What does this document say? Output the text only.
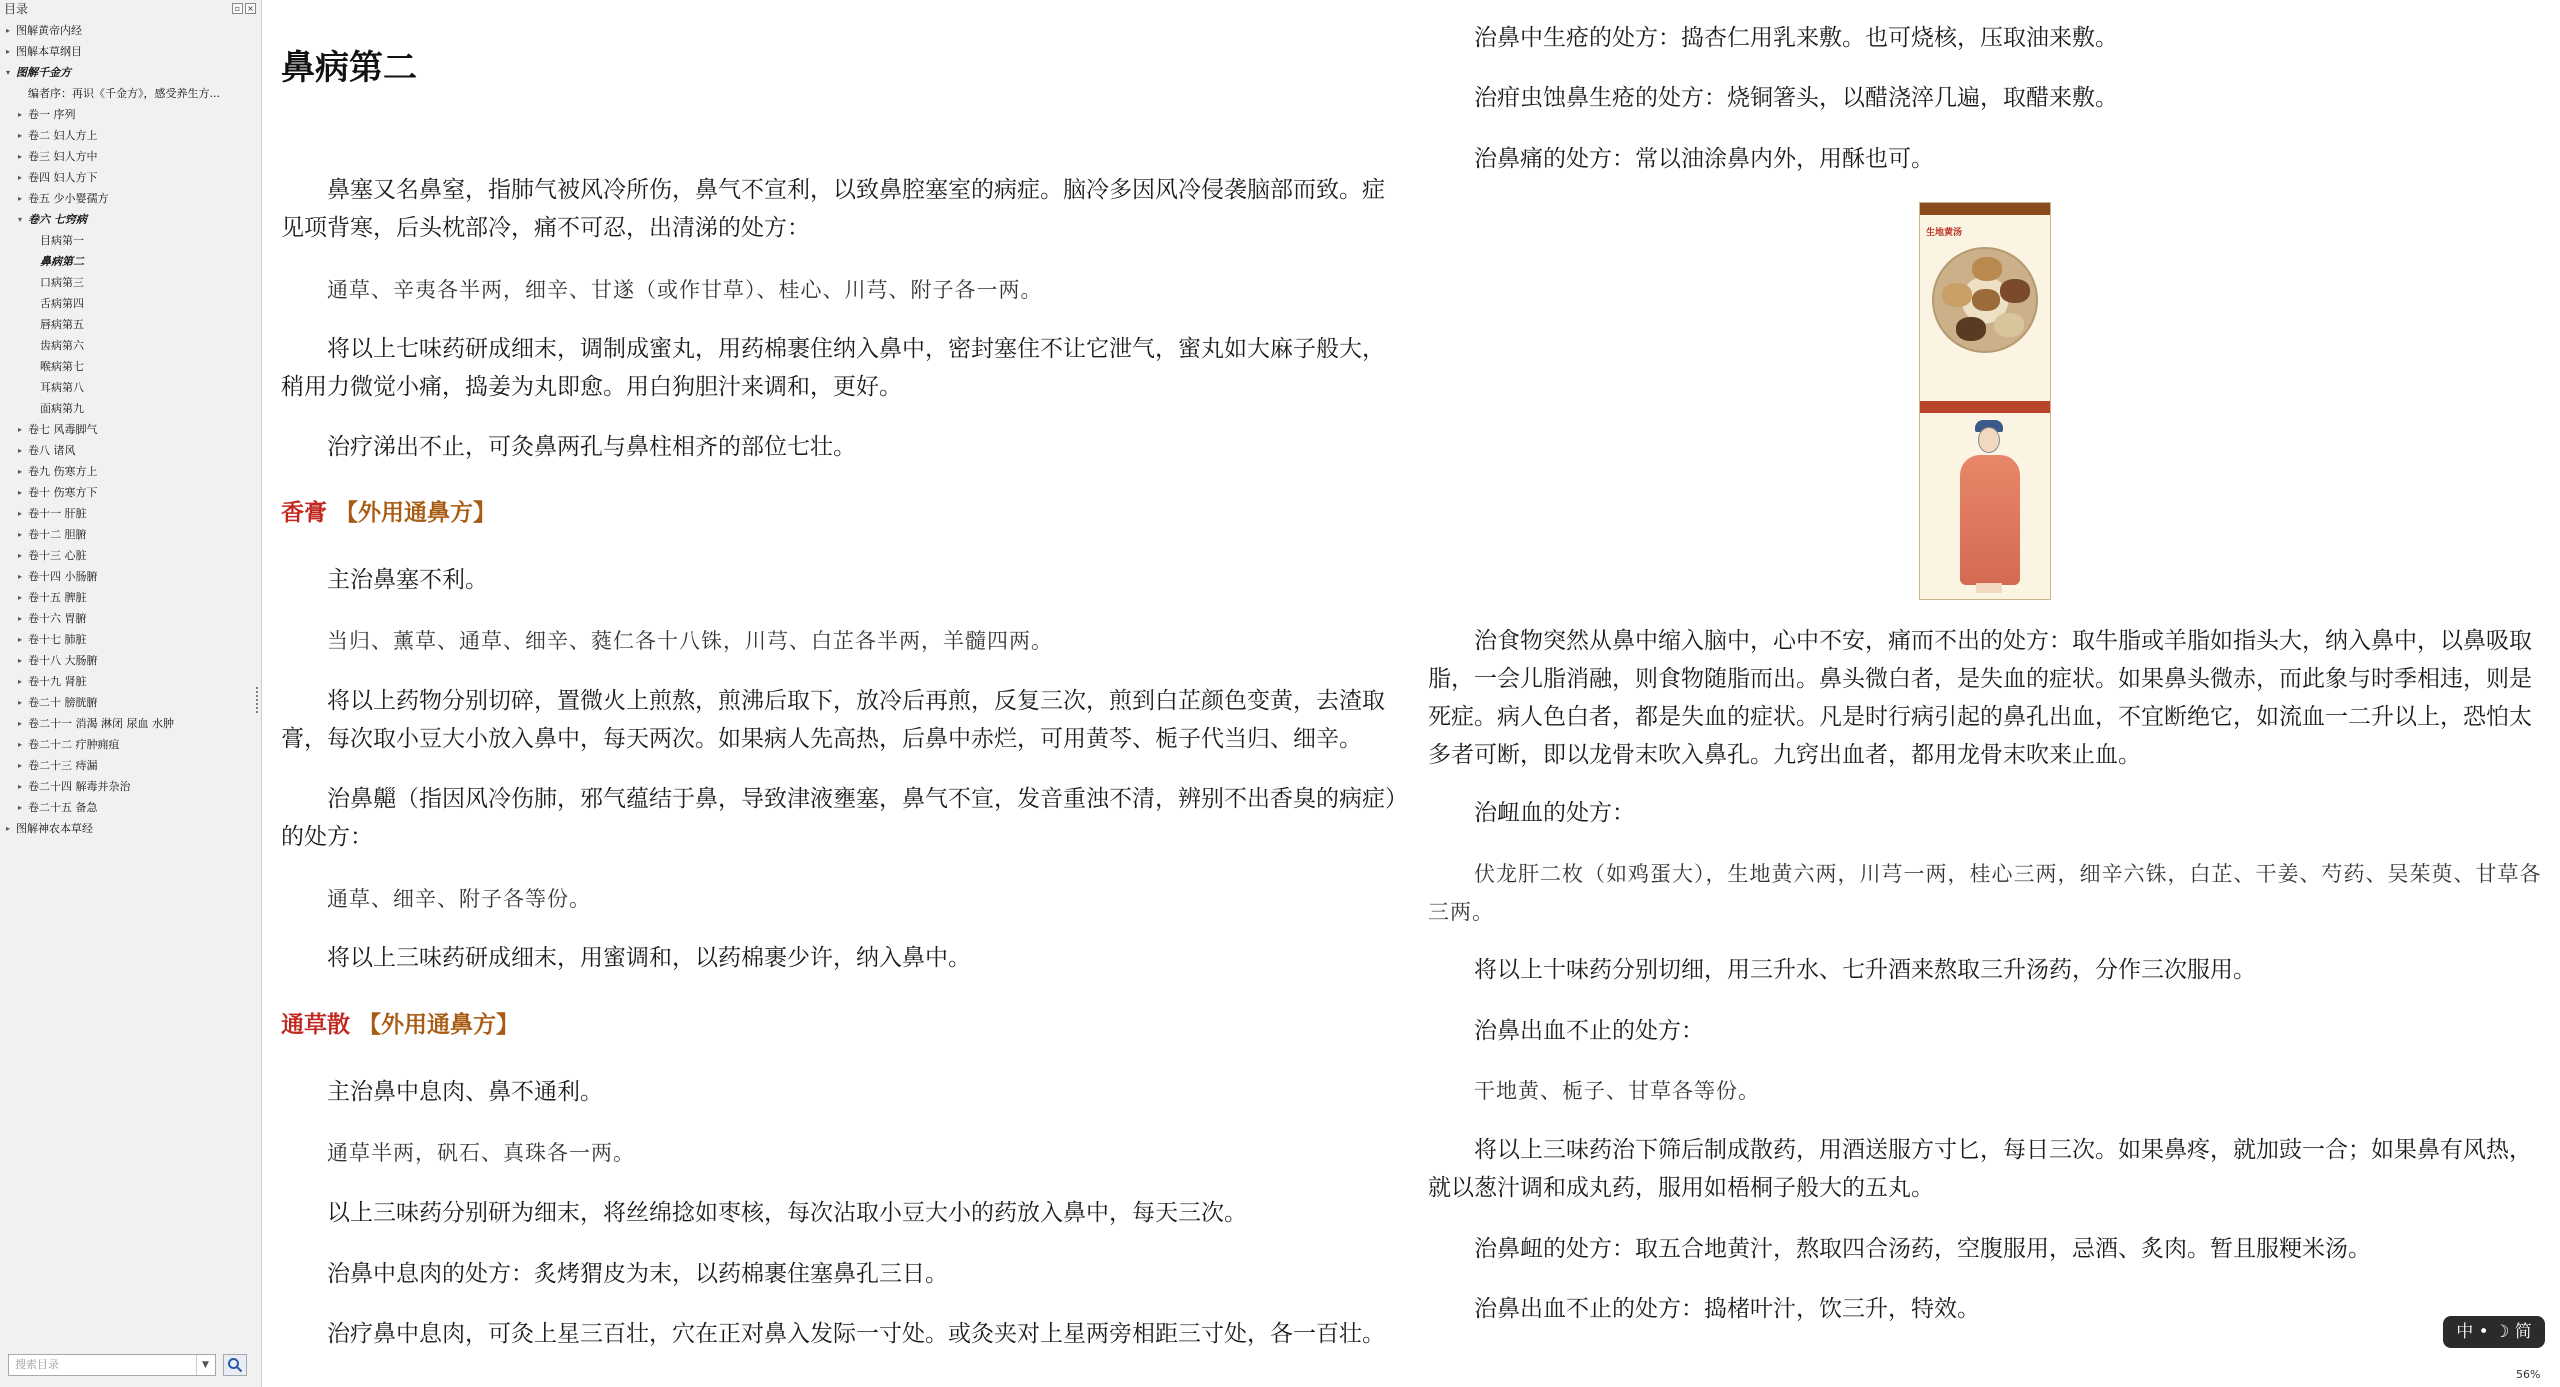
目录	▫ ×
▸ 图解黄帝内经
▸ 图解本草纲目
▾ 图解千金方
编者序：再识《千金方》，感受养生方...
▸ 卷一 序列
▸ 卷二 妇人方上
▸ 卷三 妇人方中
▸ 卷四 妇人方下
▸ 卷五 少小婴孺方
▾ 卷六 七窍病
目病第一
鼻病第二
口病第三
舌病第四
唇病第五
齿病第六
喉病第七
耳病第八
面病第九
▸ 卷七 风毒脚气
▸ 卷八 诸风
▸ 卷九 伤寒方上
▸ 卷十 伤寒方下
▸ 卷十一 肝脏
▸ 卷十二 胆腑
▸ 卷十三 心脏
▸ 卷十四 小肠腑
▸ 卷十五 脾脏
▸ 卷十六 胃腑
▸ 卷十七 肺脏
▸ 卷十八 大肠腑
▸ 卷十九 肾脏
▸ 卷二十 膀胱腑
▸ 卷二十一 消渴 淋闭 尿血 水肿
▸ 卷二十二 疔肿痈疽
▸ 卷二十三 痔漏
▸ 卷二十四 解毒并杂治
▸ 卷二十五 备急
▸ 图解神农本草经
搜索目录	▼
鼻病第二
鼻塞又名鼻窒，指肺气被风冷所伤，鼻气不宣利，以致鼻腔塞室的病症。脑冷多因风冷侵袭脑部而致。症见项背寒，后头枕部冷，痛不可忍，出清涕的处方：
通草、辛夷各半两，细辛、甘遂（或作甘草）、桂心、川芎、附子各一两。
将以上七味药研成细末，调制成蜜丸，用药棉裹住纳入鼻中，密封塞住不让它泄气，蜜丸如大麻子般大，稍用力微觉小痛，捣姜为丸即愈。用白狗胆汁来调和，更好。
治疗涕出不止，可灸鼻两孔与鼻柱相齐的部位七壮。
香膏 【外用通鼻方】
主治鼻塞不利。
当归、薰草、通草、细辛、蕤仁各十八铢，川芎、白芷各半两，羊髓四两。
将以上药物分别切碎，置微火上煎熬，煎沸后取下，放冷后再煎，反复三次，煎到白芷颜色变黄，去渣取膏，每次取小豆大小放入鼻中，每天两次。如果病人先高热，后鼻中赤烂，可用黄芩、栀子代当归、细辛。
治鼻齆（指因风冷伤肺，邪气蕴结于鼻，导致津液壅塞，鼻气不宣，发音重浊不清，辨别不出香臭的病症）的处方：
通草、细辛、附子各等份。
将以上三味药研成细末，用蜜调和，以药棉裹少许，纳入鼻中。
通草散 【外用通鼻方】
主治鼻中息肉、鼻不通利。
通草半两，矾石、真珠各一两。
以上三味药分别研为细末，将丝绵捻如枣核，每次沾取小豆大小的药放入鼻中，每天三次。
治鼻中息肉的处方：炙烤猬皮为末，以药棉裹住塞鼻孔三日。
治疗鼻中息肉，可灸上星三百壮，穴在正对鼻入发际一寸处。或灸夹对上星两旁相距三寸处，各一百壮。
治鼻中生疮的处方：捣杏仁用乳来敷。也可烧核，压取油来敷。
治疳虫蚀鼻生疮的处方：烧铜箸头，以醋浇淬几遍，取醋来敷。
治鼻痛的处方：常以油涂鼻内外，用酥也可。
治食物突然从鼻中缩入脑中，心中不安，痛而不出的处方：取牛脂或羊脂如指头大，纳入鼻中，以鼻吸取脂，一会儿脂消融，则食物随脂而出。鼻头微白者，是失血的症状。如果鼻头微赤，而此象与时季相违，则是死症。病人色白者，都是失血的症状。凡是时行病引起的鼻孔出血，不宜断绝它，如流血一二升以上，恐怕太多者可断，即以龙骨末吹入鼻孔。九窍出血者，都用龙骨末吹来止血。
治衄血的处方：
伏龙肝二枚（如鸡蛋大），生地黄六两，川芎一两，桂心三两，细辛六铢，白芷、干姜、芍药、吴茱萸、甘草各三两。
将以上十味药分别切细，用三升水、七升酒来熬取三升汤药，分作三次服用。
治鼻出血不止的处方：
干地黄、栀子、甘草各等份。
将以上三味药治下筛后制成散药，用酒送服方寸匕，每日三次。如果鼻疼，就加豉一合；如果鼻有风热，就以葱汁调和成丸药，服用如梧桐子般大的五丸。
治鼻衄的处方：取五合地黄汁，熬取四合汤药，空腹服用，忌酒、炙肉。暂且服粳米汤。
治鼻出血不止的处方：捣楮叶汁，饮三升，特效。
生地黄汤
中 • ☽ 简
56%
